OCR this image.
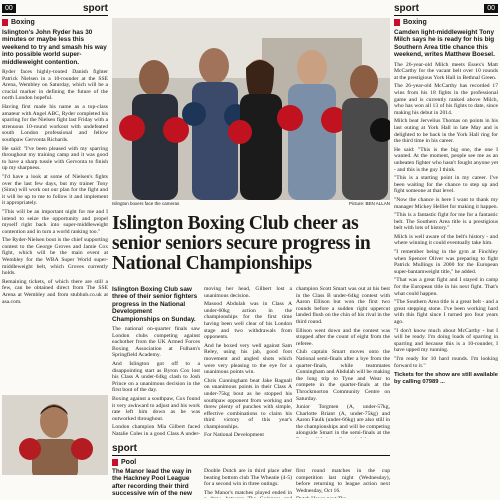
00	sport
Boxing

Islington's John Ryder has 30 minutes or maybe less this weekend to try and smash his way into possible world super-middleweight contention.

Ryder faces highly-touted Danish fighter Patrick Nielsen in a 10-rounder at the SSE Arena, Wembley on Saturday, which will be a crucial marker in defining the future of the north London hopeful.

Having first made his name as a top-class amateur with Angel ABC, Ryder completed his sparring for the Nielsen fight last Friday with a strenuous 10-round workout with undefeated south London professional and fellow southpaw Gervonta Richards.

He said: "I've been pleased with my sparring throughout my training camp and it was good to have a sharp tussle with Gervonta to finish up my sharpness.

"I'd have a look at some of Nielsen's fights over the last few days, but my trainer Tony (Sims) will work out our plan for the fight and it will be up to me to follow it and implement it appropriately.

"This will be an important night for me and I intend to seize the opportunity and propel myself right back into super-middleweight contention and in turn a world ranking too."

The Ryder-Nielsen bout is the chief supporting contest to the George Groves and Jamie Cox fight, which will be the main event at Wembley for the WBA Super World super-middleweight belt, which Groves currently holds.

Remaining tickets, of which there are still a few, can be obtained direct from The SSE Arena at Wembley and from stubhub.co.uk at asa.com.

Islington boxers face the cameras	Picture: BEN ALLAN
Islington Boxing Club cheer as senior seniors secure progress in National Championships

Islington Boxing Club saw three of their senior fighters progress in the National Development Championships on Sunday.

The national on-quarter finals saw London clubs competing against eachother from the UK Armed Forces Boxing Association at Fulham's Springfield Academy.

And Islington got off to a disappointing start as Byron Cox lost his Class A under-64kg clash to Josh Prince on a unanimous decision in the first bout of the day.

Boxing against a southpaw, Cox found it very awkward to adjust and his work rate left him down as he was outworked throughout.

London champion Mia Gilbert faced Natalie Coles in a good Class A under-

moving her head, Gilbert lost a unanimous decision.

Masood Abdulah was in Class A under-60kg action in the championships for the first time having been well clear of his London stage and two withdrawals from opponents.

And he boxed very well against Sam Reley, using his jab, good foot movement and angled shots which were very pleasing to the eye for a unanimous points win.

Chris Cunningham beat Jake Bagnall on unanimous points in their Class A under-75kg bout as he stopped his southpaw opponent from working and threw plenty of punches with simple, effective combinations to claim his third victory of this year's championships.

For National Development

champion Scott Smart was out at his best in the Class B under-64kg contest with Aaron Ellison but won the first two rounds before a sudden right uppercut landed flush on the chin of his rival in the third round.

Ellison went down and the contest was stopped after the count of eight from the referee.

Club captain Smart moves onto the National semi-finals after a bye from the quarter-finals, while teammates Cunningham and Abdulah will be making the long trip to Tyne and Wear to compete in the quarter-finals at the Throckmorton Community Centre on Saturday.

Junior Torgmen (A, under-57kg, Charlotte Briant (A, under-75kg) and Aaron Faulk (under-66kg) are also still in the championships and will be competing alongside Smart in the semi-finals at the

sport
Pool

The Manor lead the way in the Hackney Pool League after recording their third successive win of the new

Double Dutch are in third place after beating bottom club The Wheatie (4-5) for a second win in three outings.

The Manor's matches played ended in

first round matches in the cup competition last night (Wednesday), before returning to league action next Wednesday, Oct 16.

sport	00
Boxing

Camden light-middleweight Tony Milch says he is ready for his big Southern Area title chance this weekend, writes Matthew Boesel.

The 26-year-old Milch meets Essex's Matt McCarthy for the vacant belt over 10 rounds at the prestigious York Hall in Bethnal Green.

The 26-year-old McCarthy has recorded 17 wins from his 18 fights in the professional game and is currently ranked above Milch, who has won all 13 of his fights to date, since making his debut in 2014.

Milch beat Jervelius Thomas on points in his last outing at York Hall in late May and is delighted to be back in the York Hall ring for the third time in his career.

He said: "This is the big one, the one I wanted. At the moment, people see me as an unbeaten fighter who hasn't fought anyone yet - and this is the guy I think.

"This is a starting point in my career. I've been waiting for the chance to step up and fight someone at that level.

"Now the chance is here I want to thank my manager Mickey Helliet for making it happen.

"This is a fantastic fight for me for a fantastic belt. The Southern Area title is a prestigious belt with lots of history."

Milch is well aware of the belt's history - and where winning it could eventually take him.

"I remember being in the gym at Finchley when Spencer Oliver was preparing to fight Patrick Mullings in 2000 for the European super-bantamweight title," he added.

"That was a great fight and I stayed in camp for the European title in his next fight. That's what could happen.

"The Southern Area title is a great belt - and a great stepping stone. I've been working hard with this fight since I turned pro four years ago.

"I don't know much about McCarthy - but I will be ready. I'm doing loads of sparring in sparring and because this is a 10-rounder, I have upped my running.

"I'm ready for 10 hard rounds. I'm looking forward to it."

Tickets for the show are still available by calling 07989 ...
